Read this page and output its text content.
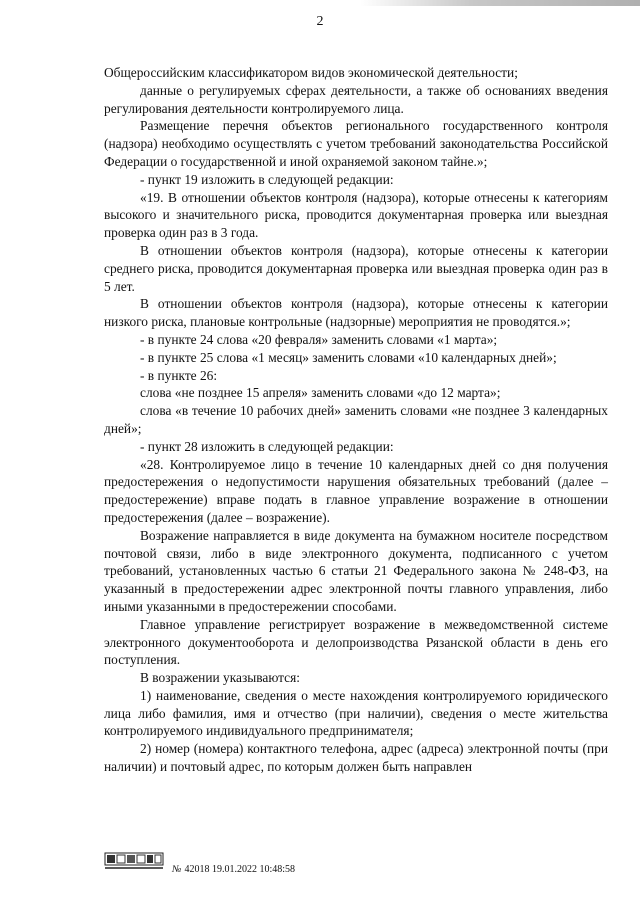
2

Общероссийским классификатором видов экономической деятельности;

данные о регулируемых сферах деятельности, а также об основаниях введения регулирования деятельности контролируемого лица.

Размещение перечня объектов регионального государственного контроля (надзора) необходимо осуществлять с учетом требований законодательства Российской Федерации о государственной и иной охраняемой законом тайне.»;

- пункт 19 изложить в следующей редакции:

«19. В отношении объектов контроля (надзора), которые отнесены к категориям высокого и значительного риска, проводится документарная проверка или выездная проверка один раз в 3 года.

В отношении объектов контроля (надзора), которые отнесены к категории среднего риска, проводится документарная проверка или выездная проверка один раз в 5 лет.

В отношении объектов контроля (надзора), которые отнесены к категории низкого риска, плановые контрольные (надзорные) мероприятия не проводятся.»;

- в пункте 24 слова «20 февраля» заменить словами «1 марта»;

- в пункте 25 слова «1 месяц» заменить словами «10 календарных дней»;

- в пункте 26:

слова «не позднее 15 апреля» заменить словами «до 12 марта»;

слова «в течение 10 рабочих дней» заменить словами «не позднее 3 календарных дней»;

- пункт 28 изложить в следующей редакции:

«28. Контролируемое лицо в течение 10 календарных дней со дня получения предостережения о недопустимости нарушения обязательных требований (далее – предостережение) вправе подать в главное управление возражение в отношении предостережения (далее – возражение).

Возражение направляется в виде документа на бумажном носителе посредством почтовой связи, либо в виде электронного документа, подписанного с учетом требований, установленных частью 6 статьи 21 Федерального закона № 248-ФЗ, на указанный в предостережении адрес электронной почты главного управления, либо иными указанными в предостережении способами.

Главное управление регистрирует возражение в межведомственной системе электронного документооборота и делопроизводства Рязанской области в день его поступления.

В возражении указываются:

1) наименование, сведения о месте нахождения контролируемого юридического лица либо фамилия, имя и отчество (при наличии), сведения о месте жительства контролируемого индивидуального предпринимателя;

2) номер (номера) контактного телефона, адрес (адреса) электронной почты (при наличии) и почтовый адрес, по которым должен быть направлен

№ 42018 19.01.2022 10:48:58
